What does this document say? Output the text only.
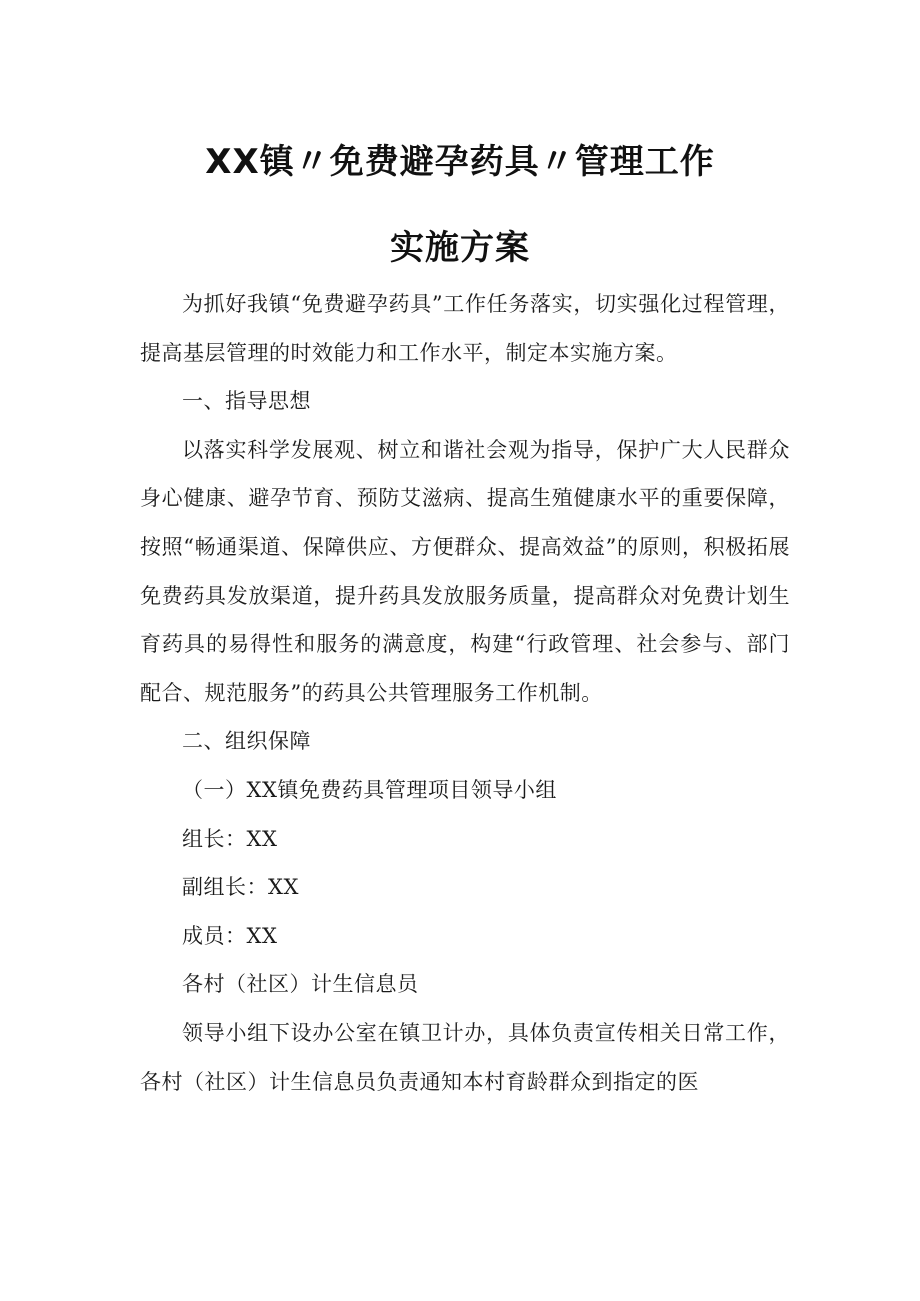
XX镇〃免费避孕药具〃管理工作
实施方案

为抓好我镇“免费避孕药具”工作任务落实，切实强化过程管理，提高基层管理的时效能力和工作水平，制定本实施方案。

一、指导思想

以落实科学发展观、树立和谐社会观为指导，保护广大人民群众身心健康、避孕节育、预防艾滋病、提高生殖健康水平的重要保障，按照“畅通渠道、保障供应、方便群众、提高效益”的原则，积极拓展免费药具发放渠道，提升药具发放服务质量，提高群众对免费计划生育药具的易得性和服务的满意度，构建“行政管理、社会参与、部门配合、规范服务”的药具公共管理服务工作机制。

二、组织保障

（一）XX镇免费药具管理项目领导小组

组长：XX

副组长：XX

成员：XX

各村（社区）计生信息员

领导小组下设办公室在镇卫计办，具体负责宣传相关日常工作，各村（社区）计生信息员负责通知本村育龄群众到指定的医
